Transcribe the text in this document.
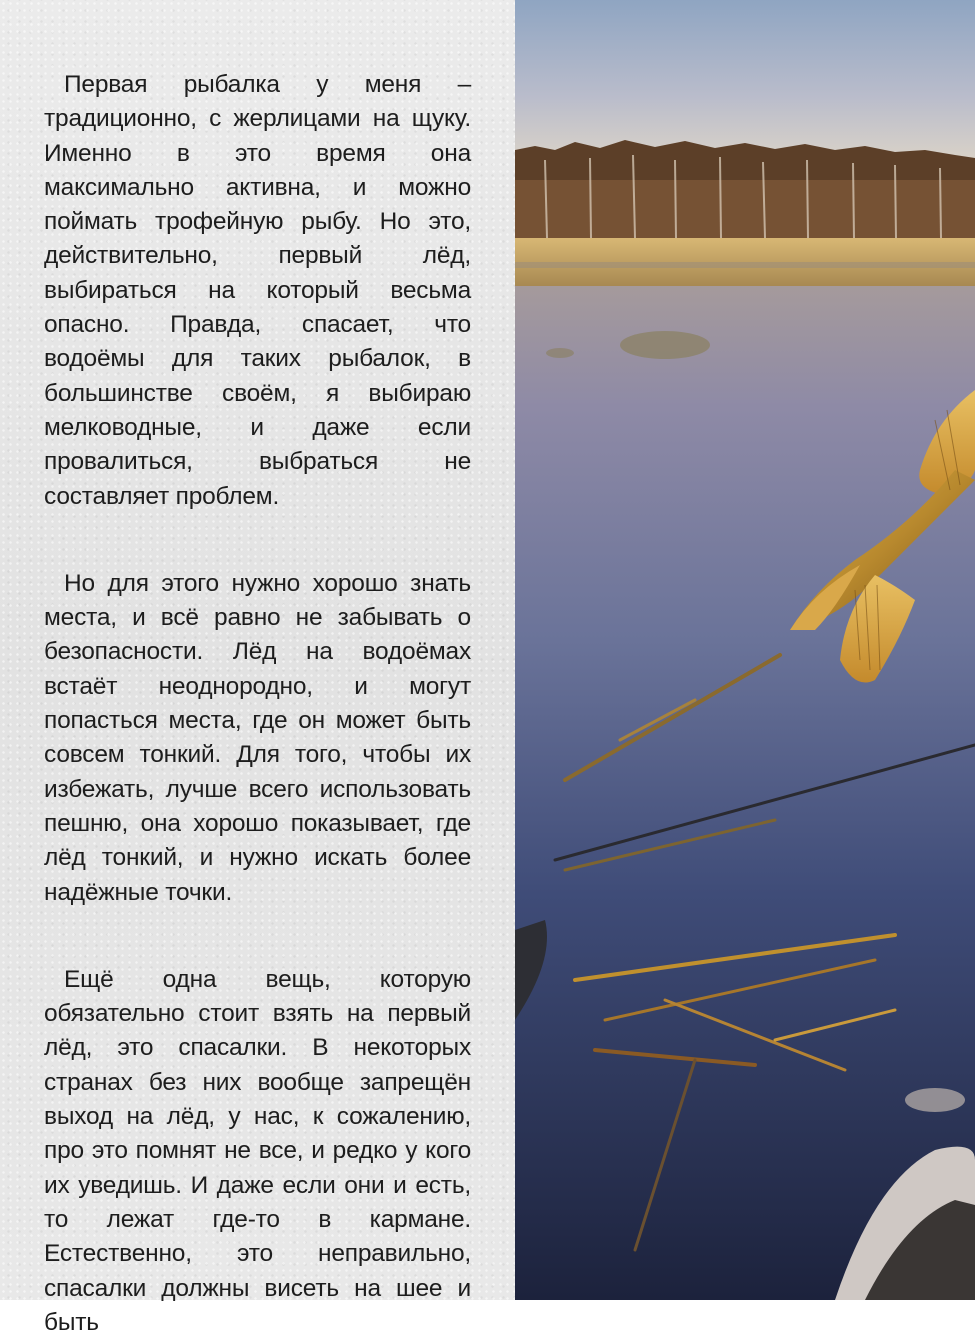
Первая рыбалка у меня – традиционно, с жерлицами на щуку. Именно в это время она максимально активна, и можно поймать трофейную рыбу. Но это, действительно, первый лёд, выбираться на который весьма опасно. Правда, спасает, что водоёмы для таких рыбалок, в большинстве своём, я выбираю мелководные, и даже если провалиться, выбраться не составляет проблем.

Но для этого нужно хорошо знать места, и всё равно не забывать о безопасности. Лёд на водоёмах встаёт неоднородно, и могут попасться места, где он может быть совсем тонкий. Для того, чтобы их избежать, лучше всего использовать пешню, она хорошо показывает, где лёд тонкий, и нужно искать более надёжные точки.

Ещё одна вещь, которую обязательно стоит взять на первый лёд, это спасалки. В некоторых странах без них вообще запрещён выход на лёд, у нас, к сожалению, про это помнят не все, и редко у кого их уведишь. И даже если они и есть, то лежат где-то в кармане. Естественно, это неправильно, спасалки должны висеть на шее и быть
